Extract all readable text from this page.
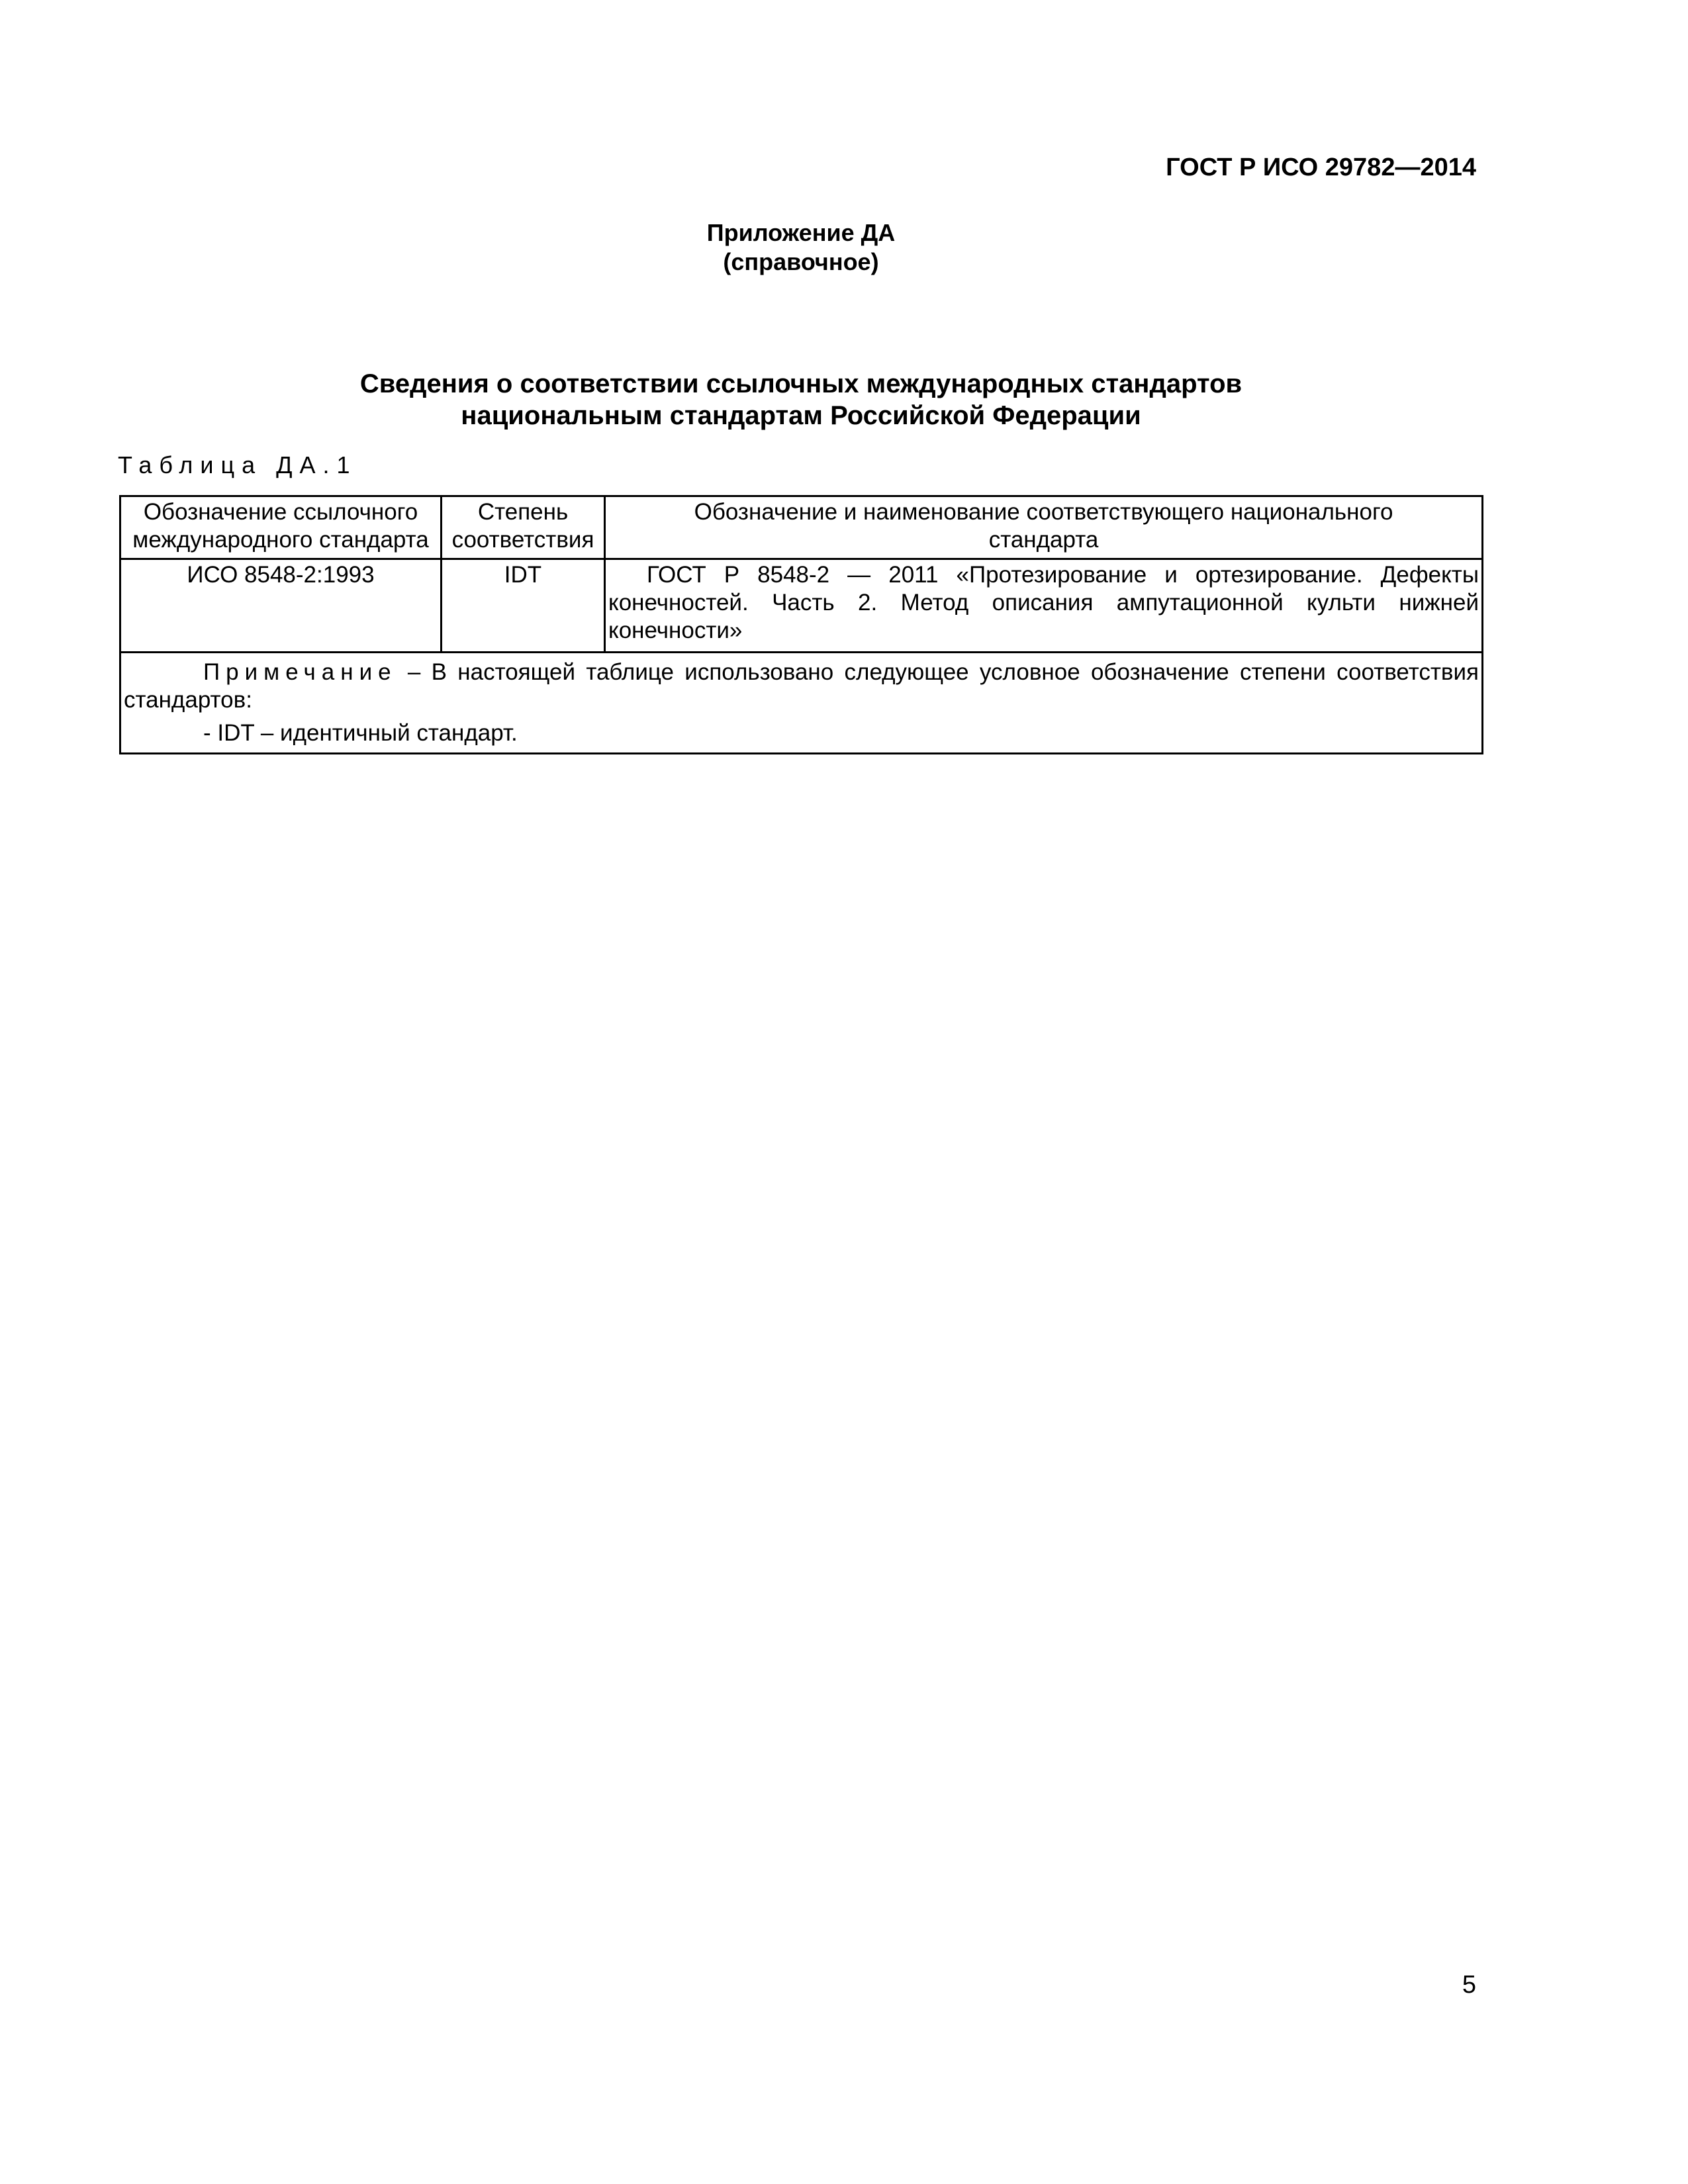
ГОСТ Р ИСО 29782—2014
Приложение ДА
(справочное)
Сведения о соответствии ссылочных международных стандартов
национальным стандартам Российской Федерации
Таблица ДА.1
Обозначение ссылочного международного стандарта	Степень соответствия	Обозначение и наименование соответствующего национального стандарта
ИСО 8548-2:1993	IDT	ГОСТ Р 8548-2 — 2011 «Протезирование и ортезирование. Дефекты конечностей. Часть 2. Метод описания ампутационной культи нижней конечности»

Примечание – В настоящей таблице использовано следующее условное обозначение степени соответствия стандартов:

- IDT – идентичный стандарт.		

5
